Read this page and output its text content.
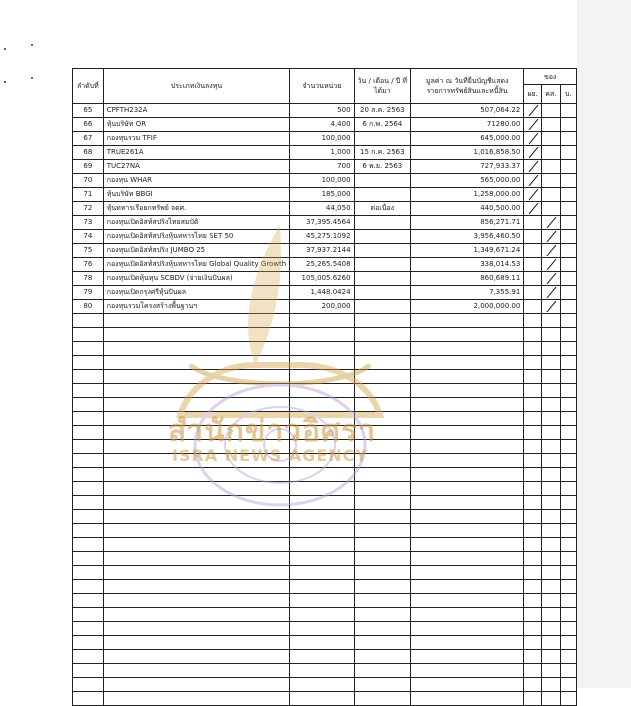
ลำดับที่	ประเภทเงินลงทุน	จำนวนหน่วย	วัน / เดือน / ปี ที่ได้มา	มูลค่า ณ วันที่ยื่นบัญชีแสดงรายการทรัพย์สินและหนี้สิน	ของ		
					ผย.	คส.	บ.
65	CPFTH232A	500	20 ส.ค. 2563	507,064.22	

66	หุ้นบริษัท OR	4,400	6 ก.พ. 2564	71280.00	

67	กองทุนรวม TFIF	100,000		645,000.00	

68	TRUE261A	1,000	15 ก.ค. 2563	1,016,858.50	

69	TUC27NA	700	6 พ.ย. 2563	727,933.37	

70	กองทุน WHAR	100,000		565,000.00	

71	หุ้นบริษัท BBGI	185,000		1,258,000.00	

72	หุ้นทหารเรือยกทรัพย์ จดศ.	44,050	ต่อเนื่อง	440,500.00	

73	กองทุนเปิดอิสท์สปริงไทยสมบัติ	37,395.4564		856,271.71		

74	กองทุนเปิดอิสท์สปริงหุ้นทหารไทย SET 50	45,275.1092		3,956,460.50		

75	กองทุนเปิดอิสท์สปริง JUMBO 25	37,937.2144		1,349,671.24		

76	กองทุนเปิดอิสท์สปริงหุ้นทหารไทย Global Quality Growth	25,265.5408		338,014.53		

78	กองทุนเปิดหุ้นทุน SCBDV (จ่ายเงินปันผล)	105,005.6260		860,689.11		

79	กองทุนเปิดกรุงศรีหุ้นปันผล	1,448.0424		7,355.91		

80	กองทุนรวมโครงสร้างพื้นฐานฯ	200,000		2,000,000.00		

สำนักข่าวอิศรา
ISRA NEWS AGENCY
